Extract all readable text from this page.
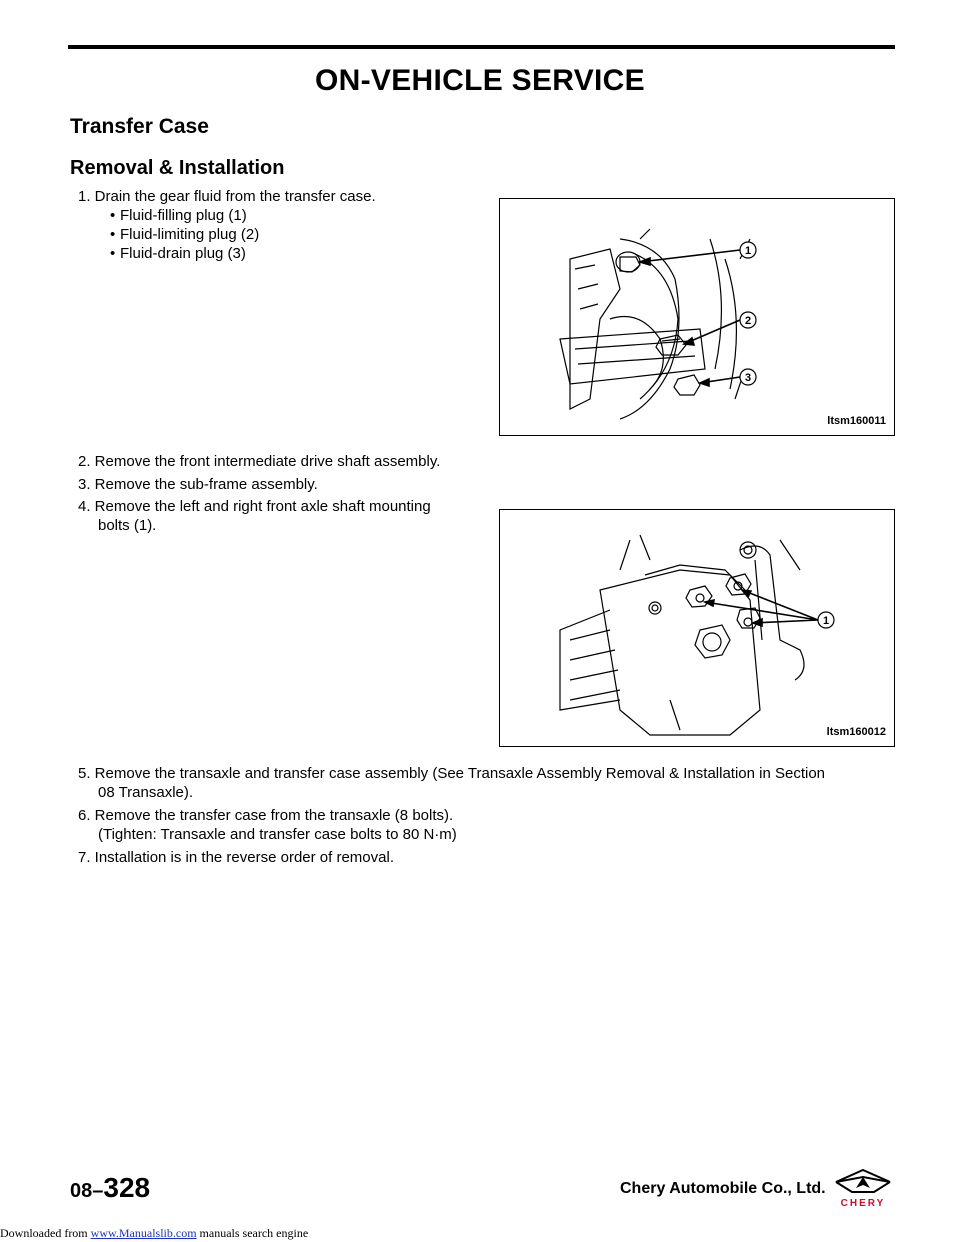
ON-VEHICLE SERVICE
Transfer Case
Removal & Installation
1. Drain the gear fluid from the transfer case.
• Fluid-filling plug (1)
• Fluid-limiting plug (2)
• Fluid-drain plug (3)	1
2
3
ltsm160011
2. Remove the front intermediate drive shaft assembly.
3. Remove the sub-frame assembly.
4. Remove the left and right front axle shaft mounting
bolts (1).
1
ltsm160012
5. Remove the transaxle and transfer case assembly (See Transaxle Assembly Removal & Installation in Section
08 Transaxle).
6. Remove the transfer case from the transaxle (8 bolts).
(Tighten: Transaxle and transfer case bolts to 80 N·m)
7. Installation is in the reverse order of removal.
08–328	Chery Automobile Co., Ltd.
CHERY
Downloaded from www.Manualslib.com manuals search engine
